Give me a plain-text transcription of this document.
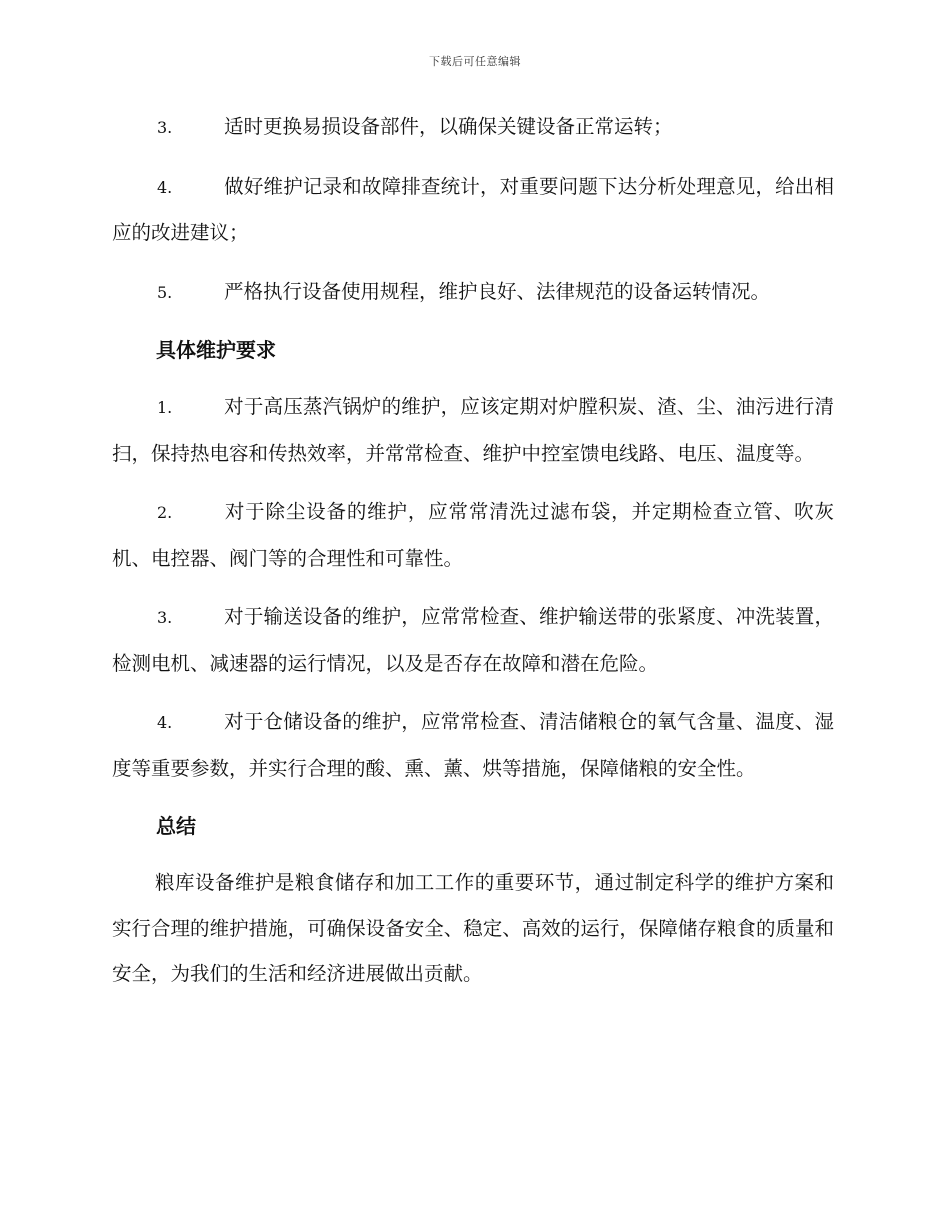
下载后可任意编辑

3.	适时更换易损设备部件，以确保关键设备正常运转；

4.	做好维护记录和故障排查统计，对重要问题下达分析处理意见，给出相应的改进建议；

5.	严格执行设备使用规程，维护良好、法律规范的设备运转情况。

具体维护要求

1.	对于高压蒸汽锅炉的维护，应该定期对炉膛积炭、渣、尘、油污进行清扫，保持热电容和传热效率，并常常检查、维护中控室馈电线路、电压、温度等。

2.	对于除尘设备的维护，应常常清洗过滤布袋，并定期检查立管、吹灰机、电控器、阀门等的合理性和可靠性。

3.	对于输送设备的维护，应常常检查、维护输送带的张紧度、冲洗装置，检测电机、减速器的运行情况，以及是否存在故障和潜在危险。

4.	对于仓储设备的维护，应常常检查、清洁储粮仓的氧气含量、温度、湿度等重要参数，并实行合理的酸、熏、薰、烘等措施，保障储粮的安全性。

总结

粮库设备维护是粮食储存和加工工作的重要环节，通过制定科学的维护方案和实行合理的维护措施，可确保设备安全、稳定、高效的运行，保障储存粮食的质量和安全，为我们的生活和经济进展做出贡献。
